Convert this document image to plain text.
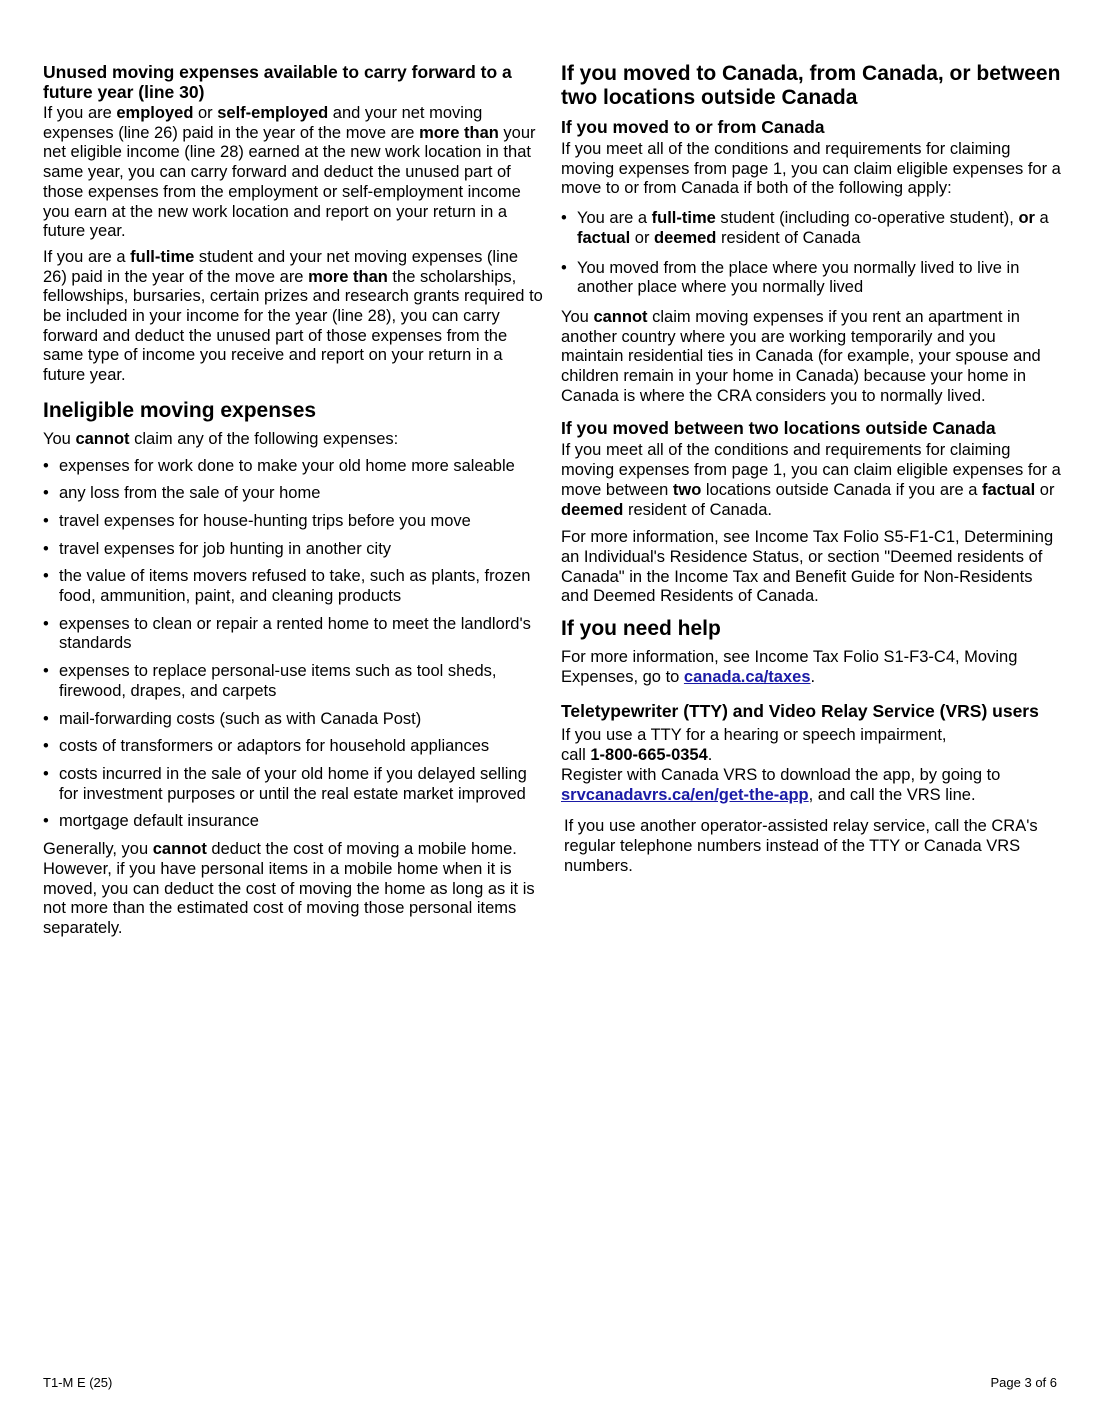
Unused moving expenses available to carry forward to a future year (line 30)

If you are employed or self-employed and your net moving expenses (line 26) paid in the year of the move are more than your net eligible income (line 28) earned at the new work location in that same year, you can carry forward and deduct the unused part of those expenses from the employment or self-employment income you earn at the new work location and report on your return in a future year.

If you are a full-time student and your net moving expenses (line 26) paid in the year of the move are more than the scholarships, fellowships, bursaries, certain prizes and research grants required to be included in your income for the year (line 28), you can carry forward and deduct the unused part of those expenses from the same type of income you receive and report on your return in a future year.

Ineligible moving expenses

You cannot claim any of the following expenses:

• expenses for work done to make your old home more saleable
• any loss from the sale of your home
• travel expenses for house-hunting trips before you move
• travel expenses for job hunting in another city
• the value of items movers refused to take, such as plants, frozen food, ammunition, paint, and cleaning products
• expenses to clean or repair a rented home to meet the landlord's standards
• expenses to replace personal-use items such as tool sheds, firewood, drapes, and carpets
• mail-forwarding costs (such as with Canada Post)
• costs of transformers or adaptors for household appliances
• costs incurred in the sale of your old home if you delayed selling for investment purposes or until the real estate market improved
• mortgage default insurance

Generally, you cannot deduct the cost of moving a mobile home. However, if you have personal items in a mobile home when it is moved, you can deduct the cost of moving the home as long as it is not more than the estimated cost of moving those personal items separately.

If you moved to Canada, from Canada, or between two locations outside Canada
If you moved to or from Canada

If you meet all of the conditions and requirements for claiming moving expenses from page 1, you can claim eligible expenses for a move to or from Canada if both of the following apply:

• You are a full-time student (including co-operative student), or a factual or deemed resident of Canada
• You moved from the place where you normally lived to live in another place where you normally lived

You cannot claim moving expenses if you rent an apartment in another country where you are working temporarily and you maintain residential ties in Canada (for example, your spouse and children remain in your home in Canada) because your home in Canada is where the CRA considers you to normally lived.

If you moved between two locations outside Canada

If you meet all of the conditions and requirements for claiming moving expenses from page 1, you can claim eligible expenses for a move between two locations outside Canada if you are a factual or deemed resident of Canada.

For more information, see Income Tax Folio S5-F1-C1, Determining an Individual's Residence Status, or section "Deemed residents of Canada" in the Income Tax and Benefit Guide for Non-Residents and Deemed Residents of Canada.

If you need help

For more information, see Income Tax Folio S1-F3-C4, Moving Expenses, go to canada.ca/taxes.

Teletypewriter (TTY) and Video Relay Service (VRS) users

If you use a TTY for a hearing or speech impairment,
call 1-800-665-0354.
Register with Canada VRS to download the app, by going to srvcanadavrs.ca/en/get-the-app, and call the VRS line.

If you use another operator-assisted relay service, call the CRA's regular telephone numbers instead of the TTY or Canada VRS numbers.

T1-M E (25)	Page 3 of 6
